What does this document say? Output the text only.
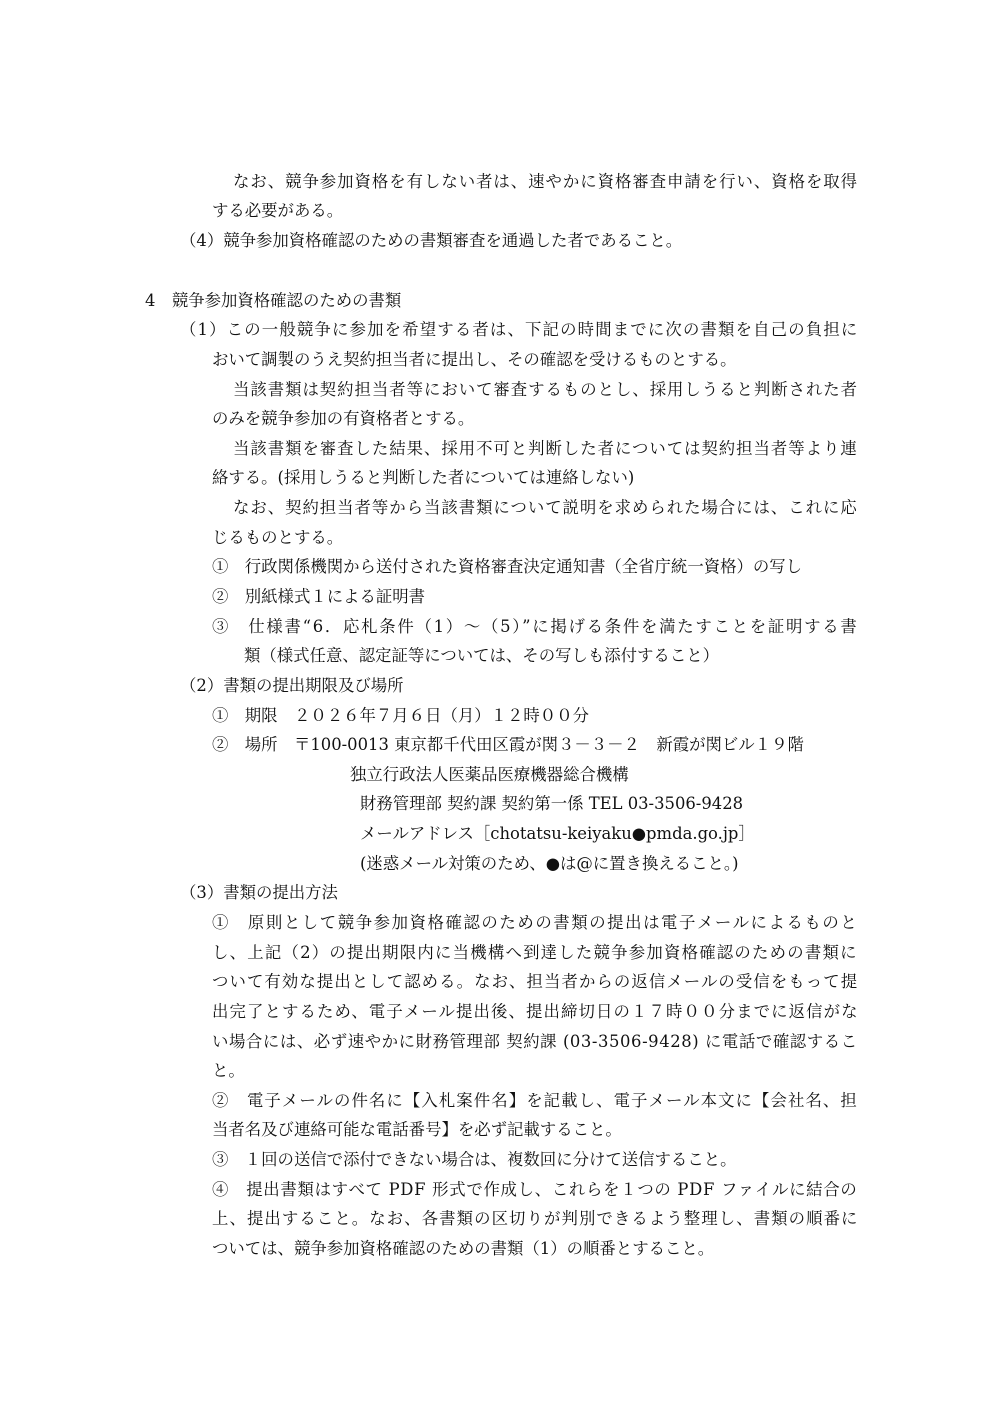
なお、競争参加資格を有しない者は、速やかに資格審査申請を行い、資格を取得
する必要がある。
（4）競争参加資格確認のための書類審査を通過した者であること。
4　競争参加資格確認のための書類
（1）この一般競争に参加を希望する者は、下記の時間までに次の書類を自己の負担に
おいて調製のうえ契約担当者に提出し、その確認を受けるものとする。
当該書類は契約担当者等において審査するものとし、採用しうると判断された者
のみを競争参加の有資格者とする。
当該書類を審査した結果、採用不可と判断した者については契約担当者等より連
絡する。(採用しうると判断した者については連絡しない)
なお、契約担当者等から当該書類について説明を求められた場合には、これに応
じるものとする。
①　行政関係機関から送付された資格審査決定通知書（全省庁統一資格）の写し
②　別紙様式１による証明書
③　仕様書“6．応札条件（1）～（5）”に掲げる条件を満たすことを証明する書
類（様式任意、認定証等については、その写しも添付すること）
（2）書類の提出期限及び場所
①　期限　２０２６年７月６日（月）１２時００分
②　場所　〒100-0013 東京都千代田区霞が関３－３－２　新霞が関ビル１９階
独立行政法人医薬品医療機器総合機構
財務管理部 契約課 契約第一係 TEL 03-3506-9428
メールアドレス［chotatsu-keiyaku●pmda.go.jp］
(迷惑メール対策のため、●は@に置き換えること。)
（3）書類の提出方法
①　原則として競争参加資格確認のための書類の提出は電子メールによるものと
し、上記（2）の提出期限内に当機構へ到達した競争参加資格確認のための書類に
ついて有効な提出として認める。なお、担当者からの返信メールの受信をもって提
出完了とするため、電子メール提出後、提出締切日の１７時００分までに返信がな
い場合には、必ず速やかに財務管理部 契約課 (03-3506-9428) に電話で確認するこ
と。
②　電子メールの件名に【入札案件名】を記載し、電子メール本文に【会社名、担
当者名及び連絡可能な電話番号】を必ず記載すること。
③　１回の送信で添付できない場合は、複数回に分けて送信すること。
④　提出書類はすべて PDF 形式で作成し、これらを１つの PDF ファイルに結合の
上、提出すること。なお、各書類の区切りが判別できるよう整理し、書類の順番に
ついては、競争参加資格確認のための書類（1）の順番とすること。
